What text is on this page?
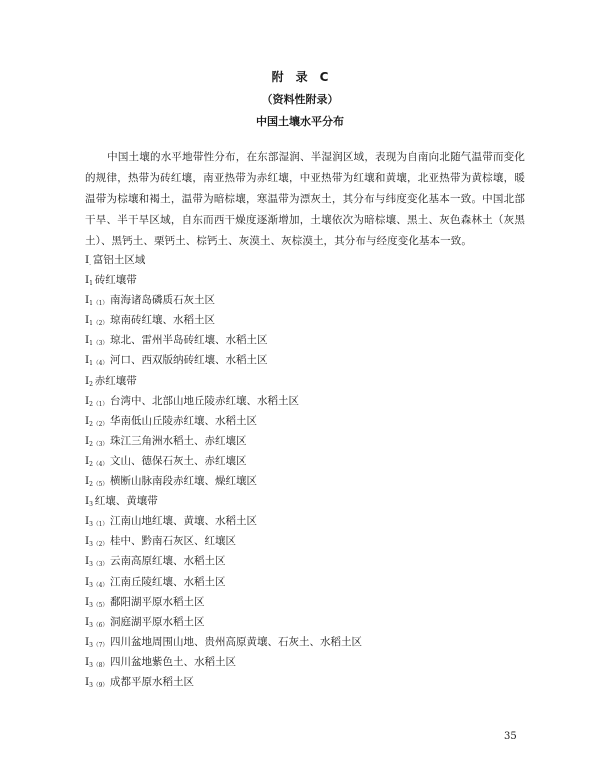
附　录　C
（资料性附录）
中国土壤水平分布
中国土壤的水平地带性分布，在东部湿润、半湿润区域，表现为自南向北随气温带而变化的规律，热带为砖红壤，南亚热带为赤红壤，中亚热带为红壤和黄壤，北亚热带为黄棕壤，暖温带为棕壤和褐土，温带为暗棕壤，寒温带为漂灰土，其分布与纬度变化基本一致。中国北部干旱、半干旱区域，自东而西干燥度逐渐增加，土壤依次为暗棕壤、黑土、灰色森林土（灰黑土）、黑钙土、栗钙土、棕钙土、灰漠土、灰棕漠土，其分布与经度变化基本一致。
$Ⅰ_.$ 富铝土区域
$Ⅰ_1$ 砖红壤带
$Ⅰ_{1(1)}$ 南海诸岛磷质石灰土区
$Ⅰ_{1(2)}$ 琼南砖红壤、水稻土区
$Ⅰ_{1(3)}$ 琼北、雷州半岛砖红壤、水稻土区
$Ⅰ_{1(4)}$ 河口、西双版纳砖红壤、水稻土区
$Ⅰ_2$ 赤红壤带
$Ⅰ_{2(1)}$ 台湾中、北部山地丘陵赤红壤、水稻土区
$Ⅰ_{2(2)}$ 华南低山丘陵赤红壤、水稻土区
$Ⅰ_{2(3)}$ 珠江三角洲水稻土、赤红壤区
$Ⅰ_{2(4)}$ 文山、德保石灰土、赤红壤区
$Ⅰ_{2(5)}$ 横断山脉南段赤红壤、燥红壤区
$Ⅰ_3$ 红壤、黄壤带
$Ⅰ_{3(1)}$ 江南山地红壤、黄壤、水稻土区
$Ⅰ_{3(2)}$ 桂中、黔南石灰区、红壤区
$Ⅰ_{3(3)}$ 云南高原红壤、水稻土区
$Ⅰ_{3(4)}$ 江南丘陵红壤、水稻土区
$Ⅰ_{3(5)}$ 鄱阳湖平原水稻土区
$Ⅰ_{3(6)}$ 洞庭湖平原水稻土区
$Ⅰ_{3(7)}$ 四川盆地周围山地、贵州高原黄壤、石灰土、水稻土区
$Ⅰ_{3(8)}$ 四川盆地紫色土、水稻土区
$Ⅰ_{3(9)}$ 成都平原水稻土区
35
